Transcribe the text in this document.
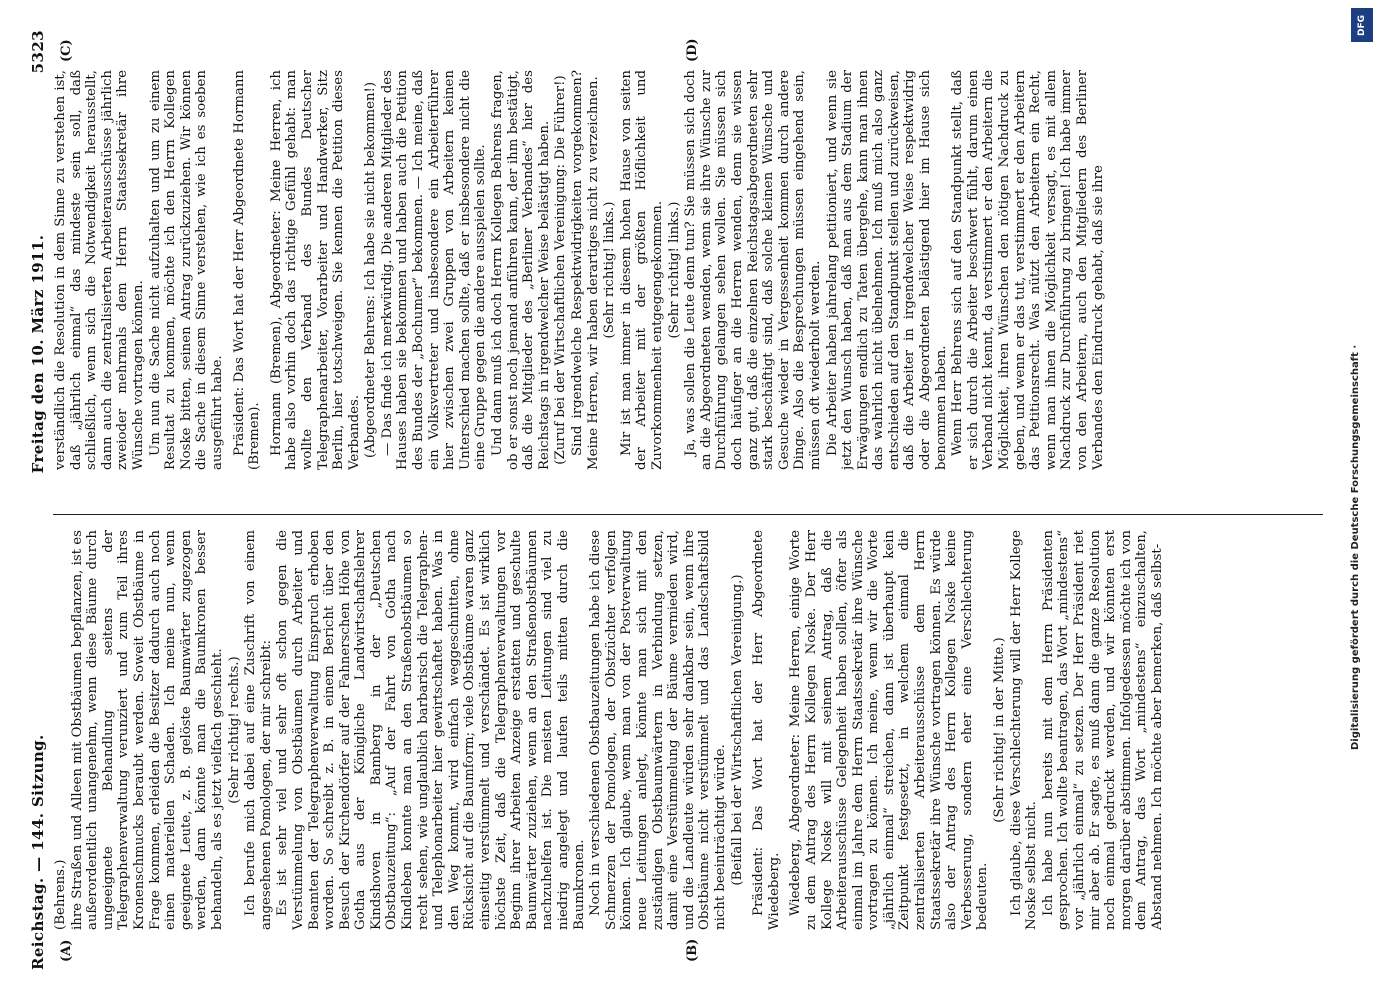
Reichstag. — 144. Sitzung.
Freitag den 10. März 1911.  5323
(A)	(B)
(C)	(D)

(Behrens.) ihre Straßen und Alleen mit Obstbäumen bepflanzen, ist es außerordentlich unangenehm, wenn diese Bäume durch ungeeignete Behandlung seitens der Telegraphenverwaltung verunziert und zum Teil ihres Kronenschmucks beraubt werden. Soweit Obstbäume in Frage kommen, erleiden die Besitzer dadurch auch noch einen materiellen Schaden. Ich meine nun, wenn geeignete Leute, z. B. gelöste Baumwärter zugezogen werden, dann könnte man die Baumkronen besser behandeln, als es jetzt vielfach geschieht. (Sehr richtig! rechts.) Ich berufe mich dabei auf eine Zuschrift von einem angesehenen Pomologen, der mir schreibt: Es ist sehr viel und sehr oft schon gegen die Verstümmelung von Obstbäumen durch Arbeiter und Beamten der Telegraphenverwaltung Einspruch erhoben worden. So schreibt z. B. in einem Bericht über den Besuch der Kirchendörfer auf der Fahnerschen Höhe von Gotha aus der Königliche Landwirtschaftslehrer Kindshoven in Bamberg in der „Deutschen Obstbauzeitung“: „Auf der Fahrt von Gotha nach Kindleben konnte man an den Straßenobstbäumen so recht sehen, wie unglaublich barbarisch die Telegraphen- und Telephonarbeiter hier gewirtschaftet haben. Was in den Weg kommt, wird einfach weggeschnitten, ohne Rücksicht auf die Baumform; viele Obstbäume waren ganz einseitig verstümmelt und verschändet. Es ist wirklich höchste Zeit, daß die Telegraphenverwaltungen vor Beginn ihrer Arbeiten Anzeige erstatten und geschulte Baumwärter zuziehen, wenn an den Straßenobstbäumen nachzuhelfen ist. Die meisten Leitungen sind viel zu niedrig angelegt und laufen teils mitten durch die Baumkronen. Noch in verschiedenen Obstbauzeitungen habe ich diese Schmerzen der Pomologen, der Obstzüchter verfolgen können. Ich glaube, wenn man von der Postverwaltung neue Leitungen anlegt, könnte man sich mit den zuständigen Obstbaumwärtern in Verbindung setzen, damit eine Verstümmelung der Bäume vermieden wird, und die Landleute würden sehr dankbar sein, wenn ihre Obstbäume nicht verstümmelt und das Landschaftsbild nicht beeinträchtigt würde. (Beifall bei der Wirtschaftlichen Vereinigung.) Präsident: Das Wort hat der Herr Abgeordnete Wiedeberg. Wiedeberg, Abgeordneter: Meine Herren, einige Worte zu dem Antrag des Herrn Kollegen Noske. Der Herr Kollege Noske will mit seinem Antrag, daß die Arbeiterausschüsse Gelegenheit haben sollen, öfter als einmal im Jahre dem Herrn Staatssekretär ihre Wünsche vortragen zu können. Ich meine, wenn wir die Worte „jährlich einmal“ streichen, dann ist überhaupt kein Zeitpunkt festgesetzt, in welchem einmal die zentralisierten Arbeiterausschüsse dem Herrn Staatssekretär ihre Wünsche vortragen können. Es würde also der Antrag des Herrn Kollegen Noske keine Verbesserung, sondern eher eine Verschlechterung bedeuten.

(Sehr richtig! in der Mitte.) Ich glaube, diese Verschlechterung will der Herr Kollege Noske selbst nicht. Ich habe nun bereits mit dem Herrn Präsidenten gesprochen. Ich wollte beantragen, das Wort „mindestens“ vor „jährlich einmal“ zu setzen. Der Herr Präsident riet mir aber ab. Er sagte, es muß dann die ganze Resolution noch einmal gedruckt werden, und wir könnten erst morgen darüber abstimmen. Infolgedessen möchte ich von dem Antrag, das Wort „mindestens“ einzuschalten, Abstand nehmen. Ich möchte aber bemerken, daß selbst-

verständlich die Resolution in dem Sinne zu verstehen ist, daß „jährlich einmal“ das mindeste sein soll, daß schließlich, wenn sich die Notwendigkeit herausstellt, dann auch die zentralisierten Arbeiterausschüsse jährlich zweioder mehrmals dem Herrn Staatssekretär ihre Wünsche vortragen können. Um nun die Sache nicht aufzuhalten und um zu einem Resultat zu kommen, möchte ich den Herrn Kollegen Noske bitten, seinen Antrag zurückzuziehen. Wir können die Sache in diesem Sinne verstehen, wie ich es soeben ausgeführt habe. Präsident: Das Wort hat der Herr Abgeordnete Hormann (Bremen). Hormann (Bremen), Abgeordneter: Meine Herren, ich habe also vorhin doch das richtige Gefühl gehabt: man wollte den Verband des Bundes Deutscher Telegraphenarbeiter, Vorarbeiter und Handwerker, Sitz Berlin, hier totschweigen. Sie kennen die Petition dieses Verbandes. (Abgeordneter Behrens: Ich habe sie nicht bekommen!) — Das finde ich merkwürdig. Die anderen Mitglieder des Hauses haben sie bekommen und haben auch die Petition des Bundes der „Bochumer“ bekommen. — Ich meine, daß ein Volksvertreter und insbesondere ein Arbeiterführer hier zwischen zwei Gruppen von Arbeitern keinen Unterschied machen sollte, daß er insbesondere nicht die eine Gruppe gegen die andere ausspielen sollte. Und dann muß ich doch Herrn Kollegen Behrens fragen, ob er sonst noch jemand anführen kann, der ihm bestätigt, daß die Mitglieder des „Berliner Verbandes“ hier des Reichstags in irgendwelcher Weise belästigt haben. (Zuruf bei der Wirtschaftlichen Vereinigung: Die Führer!) Sind irgendwelche Respektwidrigkeiten vorgekommen? Meine Herren, wir haben derartiges nicht zu verzeichnen. (Sehr richtig! links.) Mir ist man immer in diesem hohen Hause von seiten der Arbeiter mit der größten Höflichkeit und Zuvorkommenheit entgegengekommen. (Sehr richtig! links.) Ja, was sollen die Leute denn tun? Sie müssen sich doch an die Abgeordneten wenden, wenn sie ihre Wünsche zur Durchführung gelangen sehen wollen. Sie müssen sich doch häufiger an die Herren wenden, denn sie wissen ganz gut, daß die einzelnen Reichstagsabgeordneten sehr stark beschäftigt sind, daß solche kleinen Wünsche und Gesuche wieder in Vergessenheit kommen durch andere Dinge. Also die Besprechungen müssen eingehend sein, müssen oft wiederholt werden. Die Arbeiter haben jahrelang petitioniert, und wenn sie jetzt den Wunsch haben, daß man aus dem Stadium der Erwägungen endlich zu Taten übergehe, kann man ihnen das wahrlich nicht übelnehmen. Ich muß mich also ganz entschieden auf den Standpunkt stellen und zurückweisen, daß die Arbeiter in irgendwelcher Weise respektwidrig oder die Abgeordneten belästigend hier im Hause sich benommen haben. Wenn Herr Behrens sich auf den Standpunkt stellt, daß er sich durch die Arbeiter beschwert fühlt, darum einen Verband nicht kennt, da verstimmert er den Arbeitern die Möglichkeit, ihren Wünschen den nötigen Nachdruck zu geben, und wenn er das tut, verstimmert er den Arbeitern das Petitionsrecht. Was nützt den Arbeitern ein Recht, wenn man ihnen die Möglichkeit versagt, es mit allem Nachdruck zur Durchführung zu bringen! Ich habe immer von den Arbeitern, auch den Mitgliedern des Berliner Verbandes den Eindruck gehabt, daß sie ihre

DFG
Digitalisierung gefördert durch die Deutsche Forschungsgemeinschaft ·
